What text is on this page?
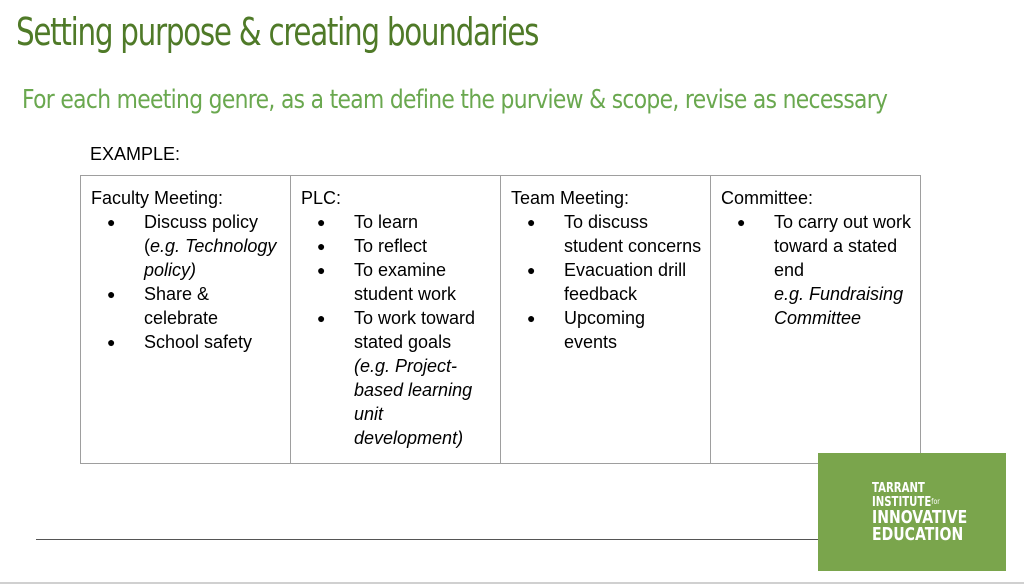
Setting purpose & creating boundaries
For each meeting genre, as a team define the purview & scope, revise as necessary
EXAMPLE:
Faculty Meeting:
● Discuss policy
(e.g. Technology policy)
● Share & celebrate
● School safety

PLC:
● To learn
● To reflect
● To examine student work
● To work toward stated goals (e.g. Project-based learning unit development)

Team Meeting:
● To discuss student concerns
● Evacuation drill feedback
● Upcoming events

Committee:
● To carry out work toward a stated end
e.g. Fundraising Committee
TARRANT
INSTITUTEfor
INNOVATIVE
EDUCATION
